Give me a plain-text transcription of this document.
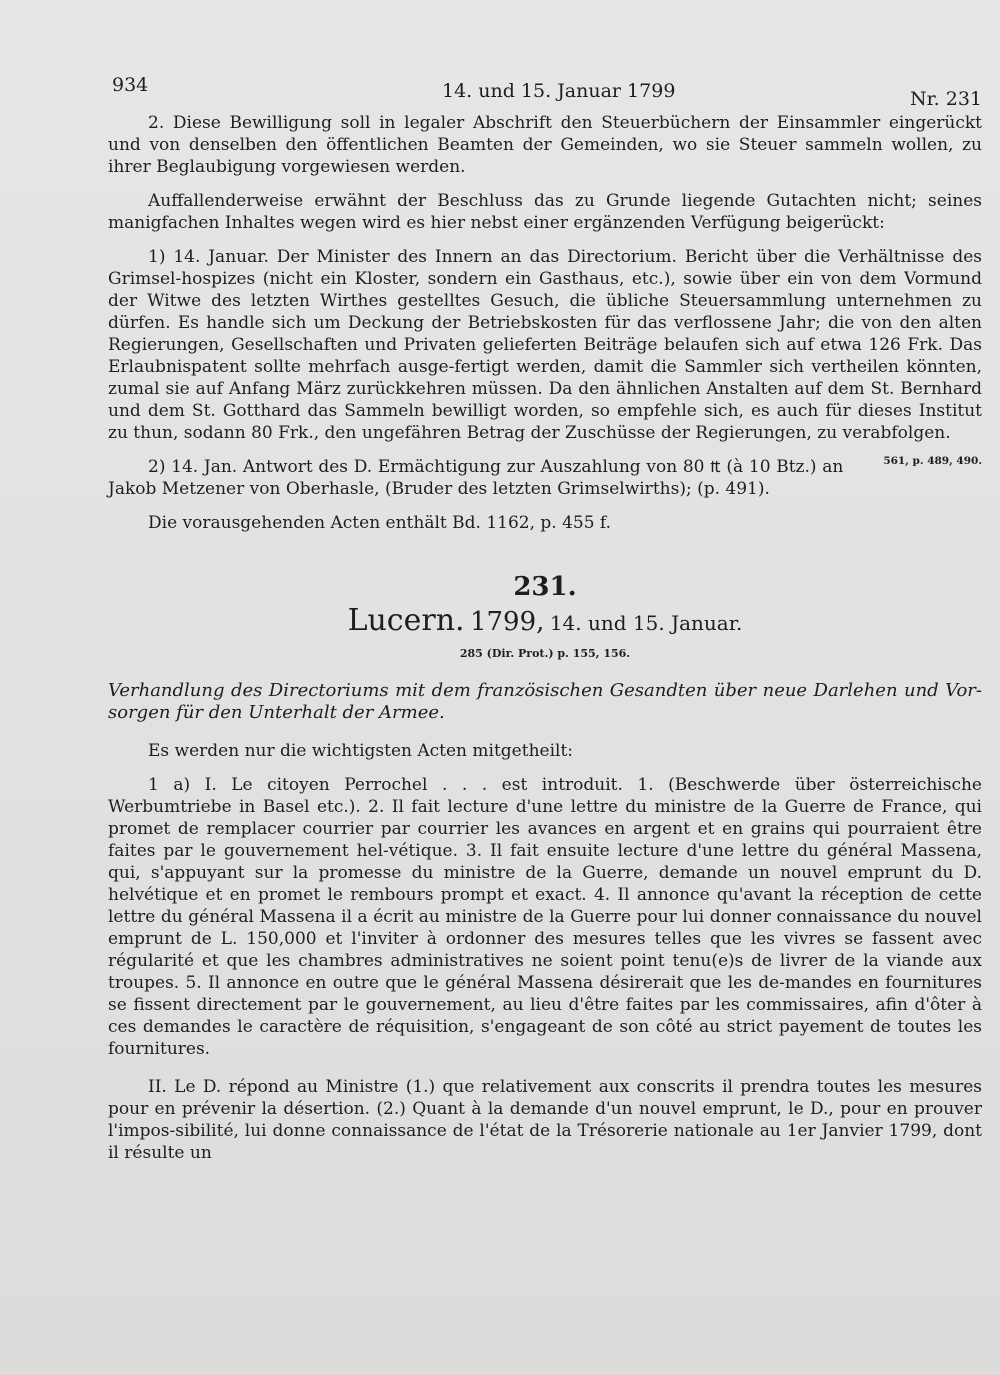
934	14. und 15. Januar 1799	Nr. 231

2. Diese Bewilligung soll in legaler Abschrift den Steuerbüchern der Einsammler eingerückt und von denselben den öffentlichen Beamten der Gemeinden, wo sie Steuer sammeln wollen, zu ihrer Beglaubigung vorgewiesen werden.

Auffallenderweise erwähnt der Beschluss das zu Grunde liegende Gutachten nicht; seines manigfachen Inhaltes wegen wird es hier nebst einer ergänzenden Verfügung beigerückt:

1) 14. Januar. Der Minister des Innern an das Directorium. Bericht über die Verhältnisse des Grimsel-hospizes (nicht ein Kloster, sondern ein Gasthaus, etc.), sowie über ein von dem Vormund der Witwe des letzten Wirthes gestelltes Gesuch, die übliche Steuersammlung unternehmen zu dürfen. Es handle sich um Deckung der Betriebskosten für das verflossene Jahr; die von den alten Regierungen, Gesellschaften und Privaten gelieferten Beiträge belaufen sich auf etwa 126 Frk. Das Erlaubnispatent sollte mehrfach ausge-fertigt werden, damit die Sammler sich vertheilen könnten, zumal sie auf Anfang März zurückkehren müssen. Da den ähnlichen Anstalten auf dem St. Bernhard und dem St. Gotthard das Sammeln bewilligt worden, so empfehle sich, es auch für dieses Institut zu thun, sodann 80 Frk., den ungefähren Betrag der Zuschüsse der Regierungen, zu verabfolgen.
561, p. 489, 490.

2) 14. Jan. Antwort des D. Ermächtigung zur Auszahlung von 80 ₶ (à 10 Btz.) an Jakob Metzener von Oberhasle, (Bruder des letzten Grimselwirths); (p. 491).

Die vorausgehenden Acten enthält Bd. 1162, p. 455 f.

231.
Lucern. 1799, 14. und 15. Januar.
285 (Dir. Prot.) p. 155, 156.

Verhandlung des Directoriums mit dem französischen Gesandten über neue Darlehen und Vor-sorgen für den Unterhalt der Armee.

Es werden nur die wichtigsten Acten mitgetheilt:

1 a) I. Le citoyen Perrochel . . . est introduit. 1. (Beschwerde über österreichische Werbumtriebe in Basel etc.). 2. Il fait lecture d'une lettre du ministre de la Guerre de France, qui promet de remplacer courrier par courrier les avances en argent et en grains qui pourraient être faites par le gouvernement hel-vétique. 3. Il fait ensuite lecture d'une lettre du général Massena, qui, s'appuyant sur la promesse du ministre de la Guerre, demande un nouvel emprunt du D. helvétique et en promet le rembours prompt et exact. 4. Il annonce qu'avant la réception de cette lettre du général Massena il a écrit au ministre de la Guerre pour lui donner connaissance du nouvel emprunt de L. 150,000 et l'inviter à ordonner des mesures telles que les vivres se fassent avec régularité et que les chambres administratives ne soient point tenu(e)s de livrer de la viande aux troupes. 5. Il annonce en outre que le général Massena désirerait que les de-mandes en fournitures se fissent directement par le gouvernement, au lieu d'être faites par les commissaires, afin d'ôter à ces demandes le caractère de réquisition, s'engageant de son côté au strict payement de toutes les fournitures.

II. Le D. répond au Ministre (1.) que relativement aux conscrits il prendra toutes les mesures pour en prévenir la désertion. (2.) Quant à la demande d'un nouvel emprunt, le D., pour en prouver l'impos-sibilité, lui donne connaissance de l'état de la Trésorerie nationale au 1er Janvier 1799, dont il résulte un
